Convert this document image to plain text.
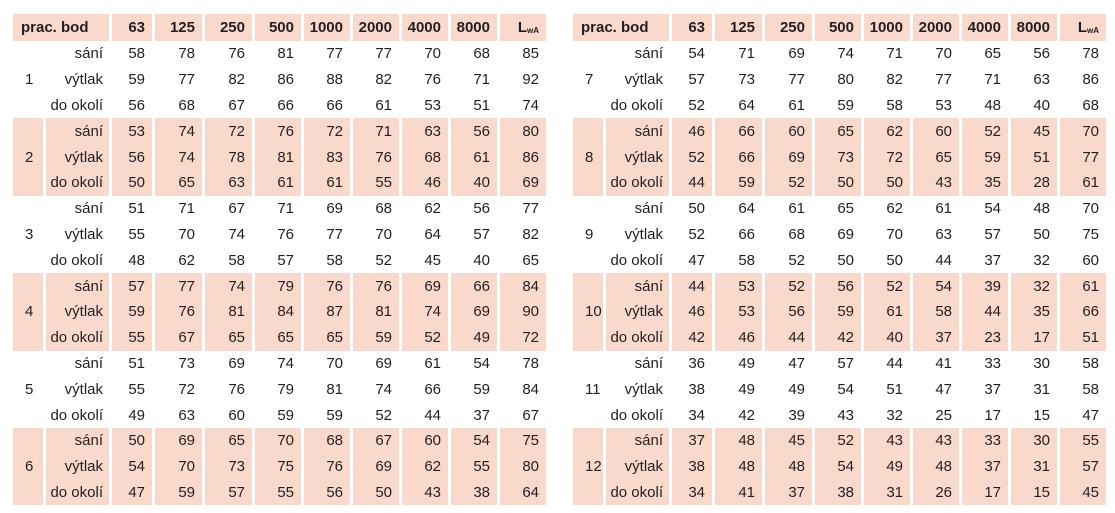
prac. bod		63	125	250	500	1000	2000	4000	8000	LwA
	sání	58	78	76	81	77	77	70	68	85
1	výtlak	59	77	82	86	88	82	76	71	92
	do okolí	56	68	67	66	66	61	53	51	74
	sání	53	74	72	76	72	71	63	56	80
2	výtlak	56	74	78	81	83	76	68	61	86
	do okolí	50	65	63	61	61	55	46	40	69
	sání	51	71	67	71	69	68	62	56	77
3	výtlak	55	70	74	76	77	70	64	57	82
	do okolí	48	62	58	57	58	52	45	40	65
	sání	57	77	74	79	76	76	69	66	84
4	výtlak	59	76	81	84	87	81	74	69	90
	do okolí	55	67	65	65	65	59	52	49	72
	sání	51	73	69	74	70	69	61	54	78
5	výtlak	55	72	76	79	81	74	66	59	84
	do okolí	49	63	60	59	59	52	44	37	67
	sání	50	69	65	70	68	67	60	54	75
6	výtlak	54	70	73	75	76	69	62	55	80
	do okolí	47	59	57	55	56	50	43	38	64
prac. bod		63	125	250	500	1000	2000	4000	8000	LwA
	sání	54	71	69	74	71	70	65	56	78
7	výtlak	57	73	77	80	82	77	71	63	86
	do okolí	52	64	61	59	58	53	48	40	68
	sání	46	66	60	65	62	60	52	45	70
8	výtlak	52	66	69	73	72	65	59	51	77
	do okolí	44	59	52	50	50	43	35	28	61
	sání	50	64	61	65	62	61	54	48	70
9	výtlak	52	66	68	69	70	63	57	50	75
	do okolí	47	58	52	50	50	44	37	32	60
	sání	44	53	52	56	52	54	39	32	61
10	výtlak	46	53	56	59	61	58	44	35	66
	do okolí	42	46	44	42	40	37	23	17	51
	sání	36	49	47	57	44	41	33	30	58
11	výtlak	38	49	49	54	51	47	37	31	58
	do okolí	34	42	39	43	32	25	17	15	47
	sání	37	48	45	52	43	43	33	30	55
12	výtlak	38	48	48	54	49	48	37	31	57
	do okolí	34	41	37	38	31	26	17	15	45
